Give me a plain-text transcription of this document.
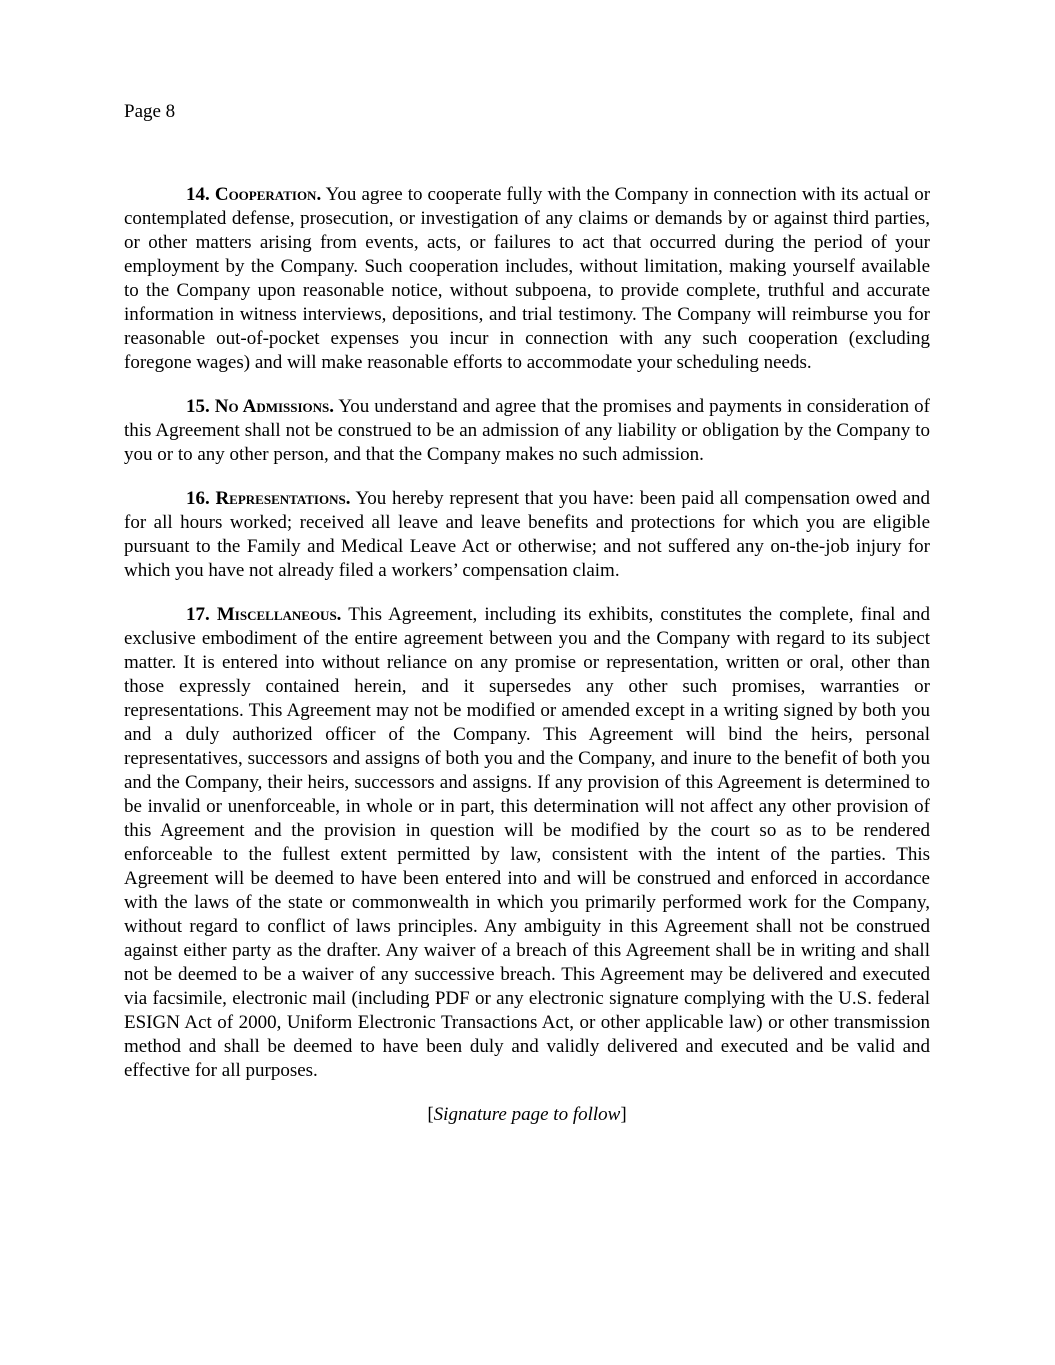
Page 8

14. Cooperation. You agree to cooperate fully with the Company in connection with its actual or contemplated defense, prosecution, or investigation of any claims or demands by or against third parties, or other matters arising from events, acts, or failures to act that occurred during the period of your employment by the Company. Such cooperation includes, without limitation, making yourself available to the Company upon reasonable notice, without subpoena, to provide complete, truthful and accurate information in witness interviews, depositions, and trial testimony. The Company will reimburse you for reasonable out-of-pocket expenses you incur in connection with any such cooperation (excluding foregone wages) and will make reasonable efforts to accommodate your scheduling needs.

15. No Admissions. You understand and agree that the promises and payments in consideration of this Agreement shall not be construed to be an admission of any liability or obligation by the Company to you or to any other person, and that the Company makes no such admission.

16. Representations. You hereby represent that you have: been paid all compensation owed and for all hours worked; received all leave and leave benefits and protections for which you are eligible pursuant to the Family and Medical Leave Act or otherwise; and not suffered any on-the-job injury for which you have not already filed a workers’ compensation claim.

17. Miscellaneous. This Agreement, including its exhibits, constitutes the complete, final and exclusive embodiment of the entire agreement between you and the Company with regard to its subject matter. It is entered into without reliance on any promise or representation, written or oral, other than those expressly contained herein, and it supersedes any other such promises, warranties or representations. This Agreement may not be modified or amended except in a writing signed by both you and a duly authorized officer of the Company. This Agreement will bind the heirs, personal representatives, successors and assigns of both you and the Company, and inure to the benefit of both you and the Company, their heirs, successors and assigns. If any provision of this Agreement is determined to be invalid or unenforceable, in whole or in part, this determination will not affect any other provision of this Agreement and the provision in question will be modified by the court so as to be rendered enforceable to the fullest extent permitted by law, consistent with the intent of the parties. This Agreement will be deemed to have been entered into and will be construed and enforced in accordance with the laws of the state or commonwealth in which you primarily performed work for the Company, without regard to conflict of laws principles. Any ambiguity in this Agreement shall not be construed against either party as the drafter. Any waiver of a breach of this Agreement shall be in writing and shall not be deemed to be a waiver of any successive breach. This Agreement may be delivered and executed via facsimile, electronic mail (including PDF or any electronic signature complying with the U.S. federal ESIGN Act of 2000, Uniform Electronic Transactions Act, or other applicable law) or other transmission method and shall be deemed to have been duly and validly delivered and executed and be valid and effective for all purposes.

[Signature page to follow]
